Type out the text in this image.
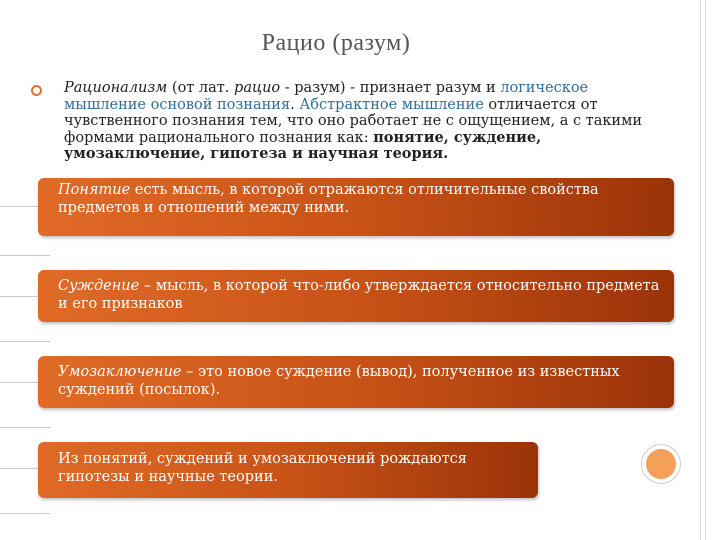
Рацио (разум)

Рационализм (от лат. рацио - разум) - признает разум и логическое мышление основой познания. Абстрактное мышление отличается от чувственного познания тем, что оно работает не с ощущением, а с такими формами рационального познания как: понятие, суждение, умозаключение, гипотеза и научная теория.

Понятие есть мысль, в которой отражаются отличительные свойства предметов и отношений между ними.

Суждение – мысль, в которой что-либо утверждается относительно предмета и его признаков

Умозаключение – это новое суждение (вывод), полученное из известных суждений (посылок).

Из понятий, суждений и умозаключений рождаются гипотезы и научные теории.
